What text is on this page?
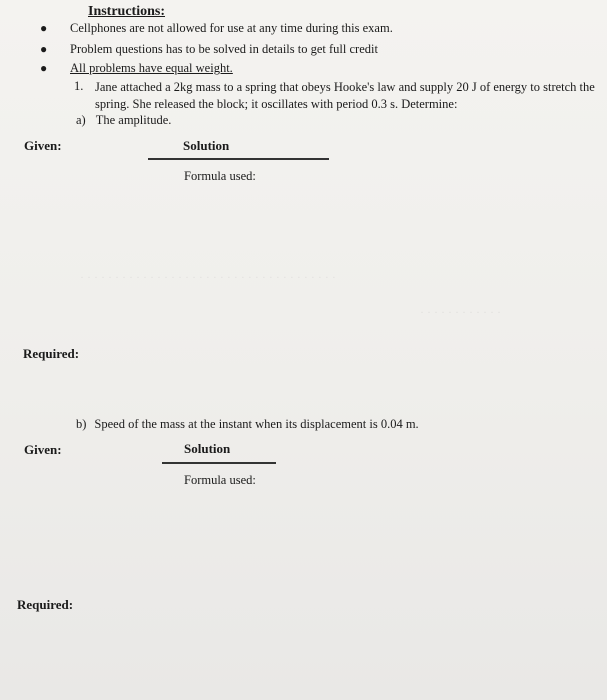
· · · · · · · · · · · · · · · · · · · · · · · · · · · · · · · · · · · · ·
· · · · · · · · · · · ·
Instructions:
●	Cellphones are not allowed for use at any time during this exam.
●	Problem questions has to be solved in details to get full credit
●	All problems have equal weight.
1. Jane attached a 2kg mass to a spring that obeys Hooke's law and supply 20 J of energy to stretch the spring. She released the block; it oscillates with period 0.3 s. Determine:
a) The amplitude.
Given:	Solution
Formula used:
Required:
b) Speed of the mass at the instant when its displacement is 0.04 m.
Given:	Solution
Formula used:
Required:
